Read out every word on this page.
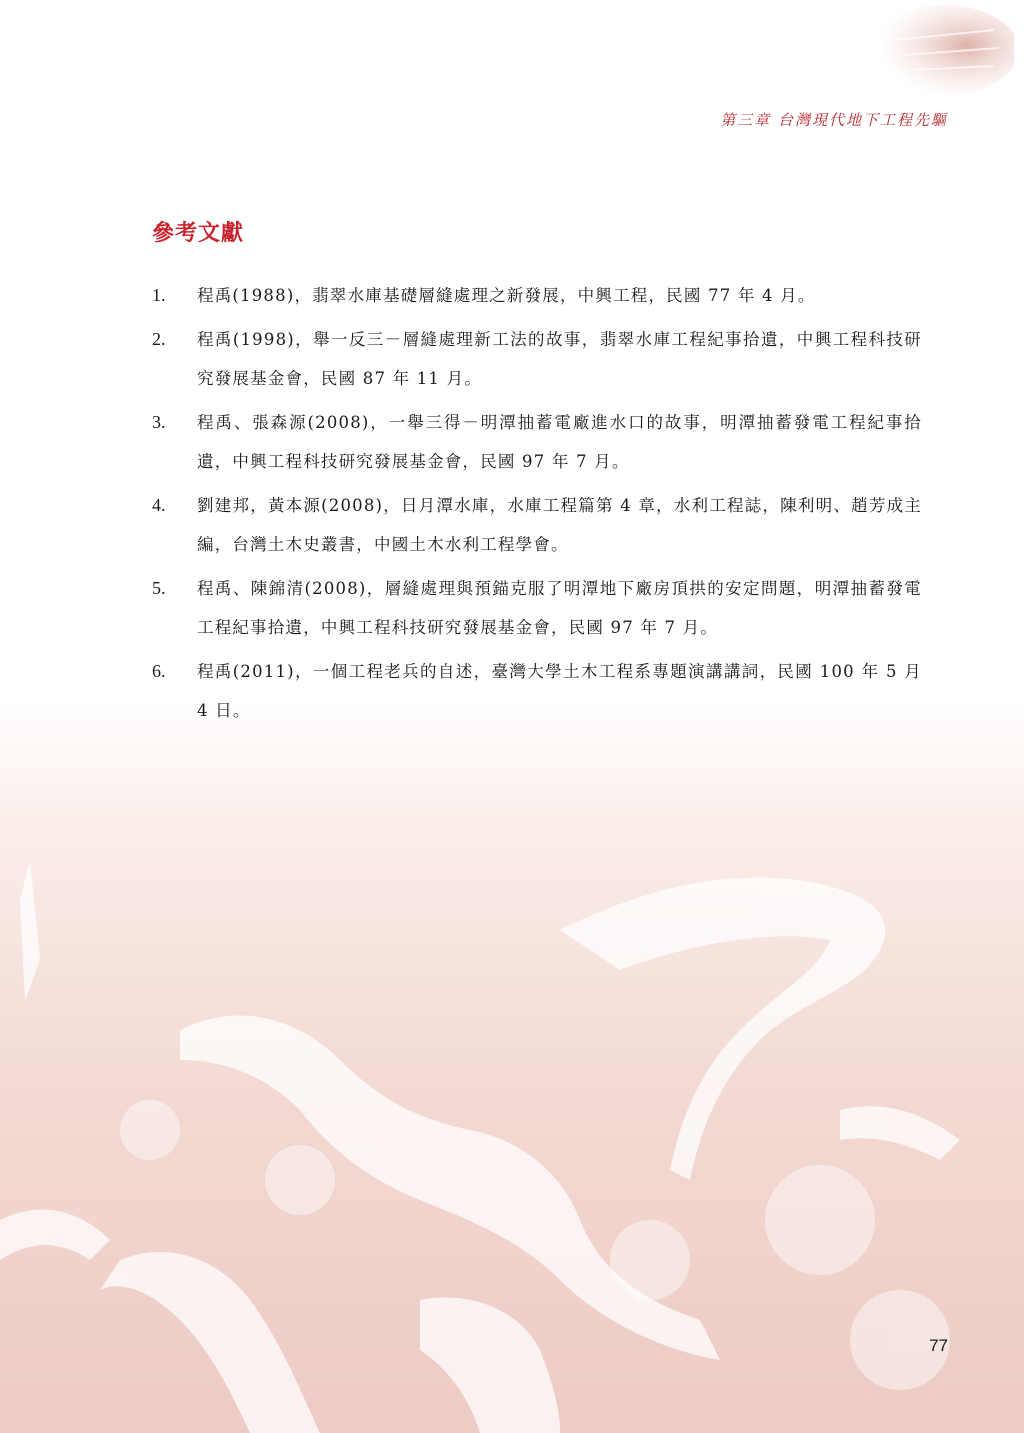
第三章 台灣現代地下工程先驅
參考文獻
1. 程禹(1988)，翡翠水庫基礎層縫處理之新發展，中興工程，民國 77 年 4 月。
2. 程禹(1998)，舉一反三－層縫處理新工法的故事，翡翠水庫工程紀事拾遺，中興工程科技研究發展基金會，民國 87 年 11 月。
3. 程禹、張森源(2008)，一舉三得－明潭抽蓄電廠進水口的故事，明潭抽蓄發電工程紀事拾遺，中興工程科技研究發展基金會，民國 97 年 7 月。
4. 劉建邦，黃本源(2008)，日月潭水庫，水庫工程篇第 4 章，水利工程誌，陳利明、趙芳成主編，台灣土木史叢書，中國土木水利工程學會。
5. 程禹、陳錦清(2008)，層縫處理與預錨克服了明潭地下廠房頂拱的安定問題，明潭抽蓄發電工程紀事拾遺，中興工程科技研究發展基金會，民國 97 年 7 月。
6. 程禹(2011)，一個工程老兵的自述，臺灣大學土木工程系專題演講講詞，民國 100 年 5 月 4 日。
77
